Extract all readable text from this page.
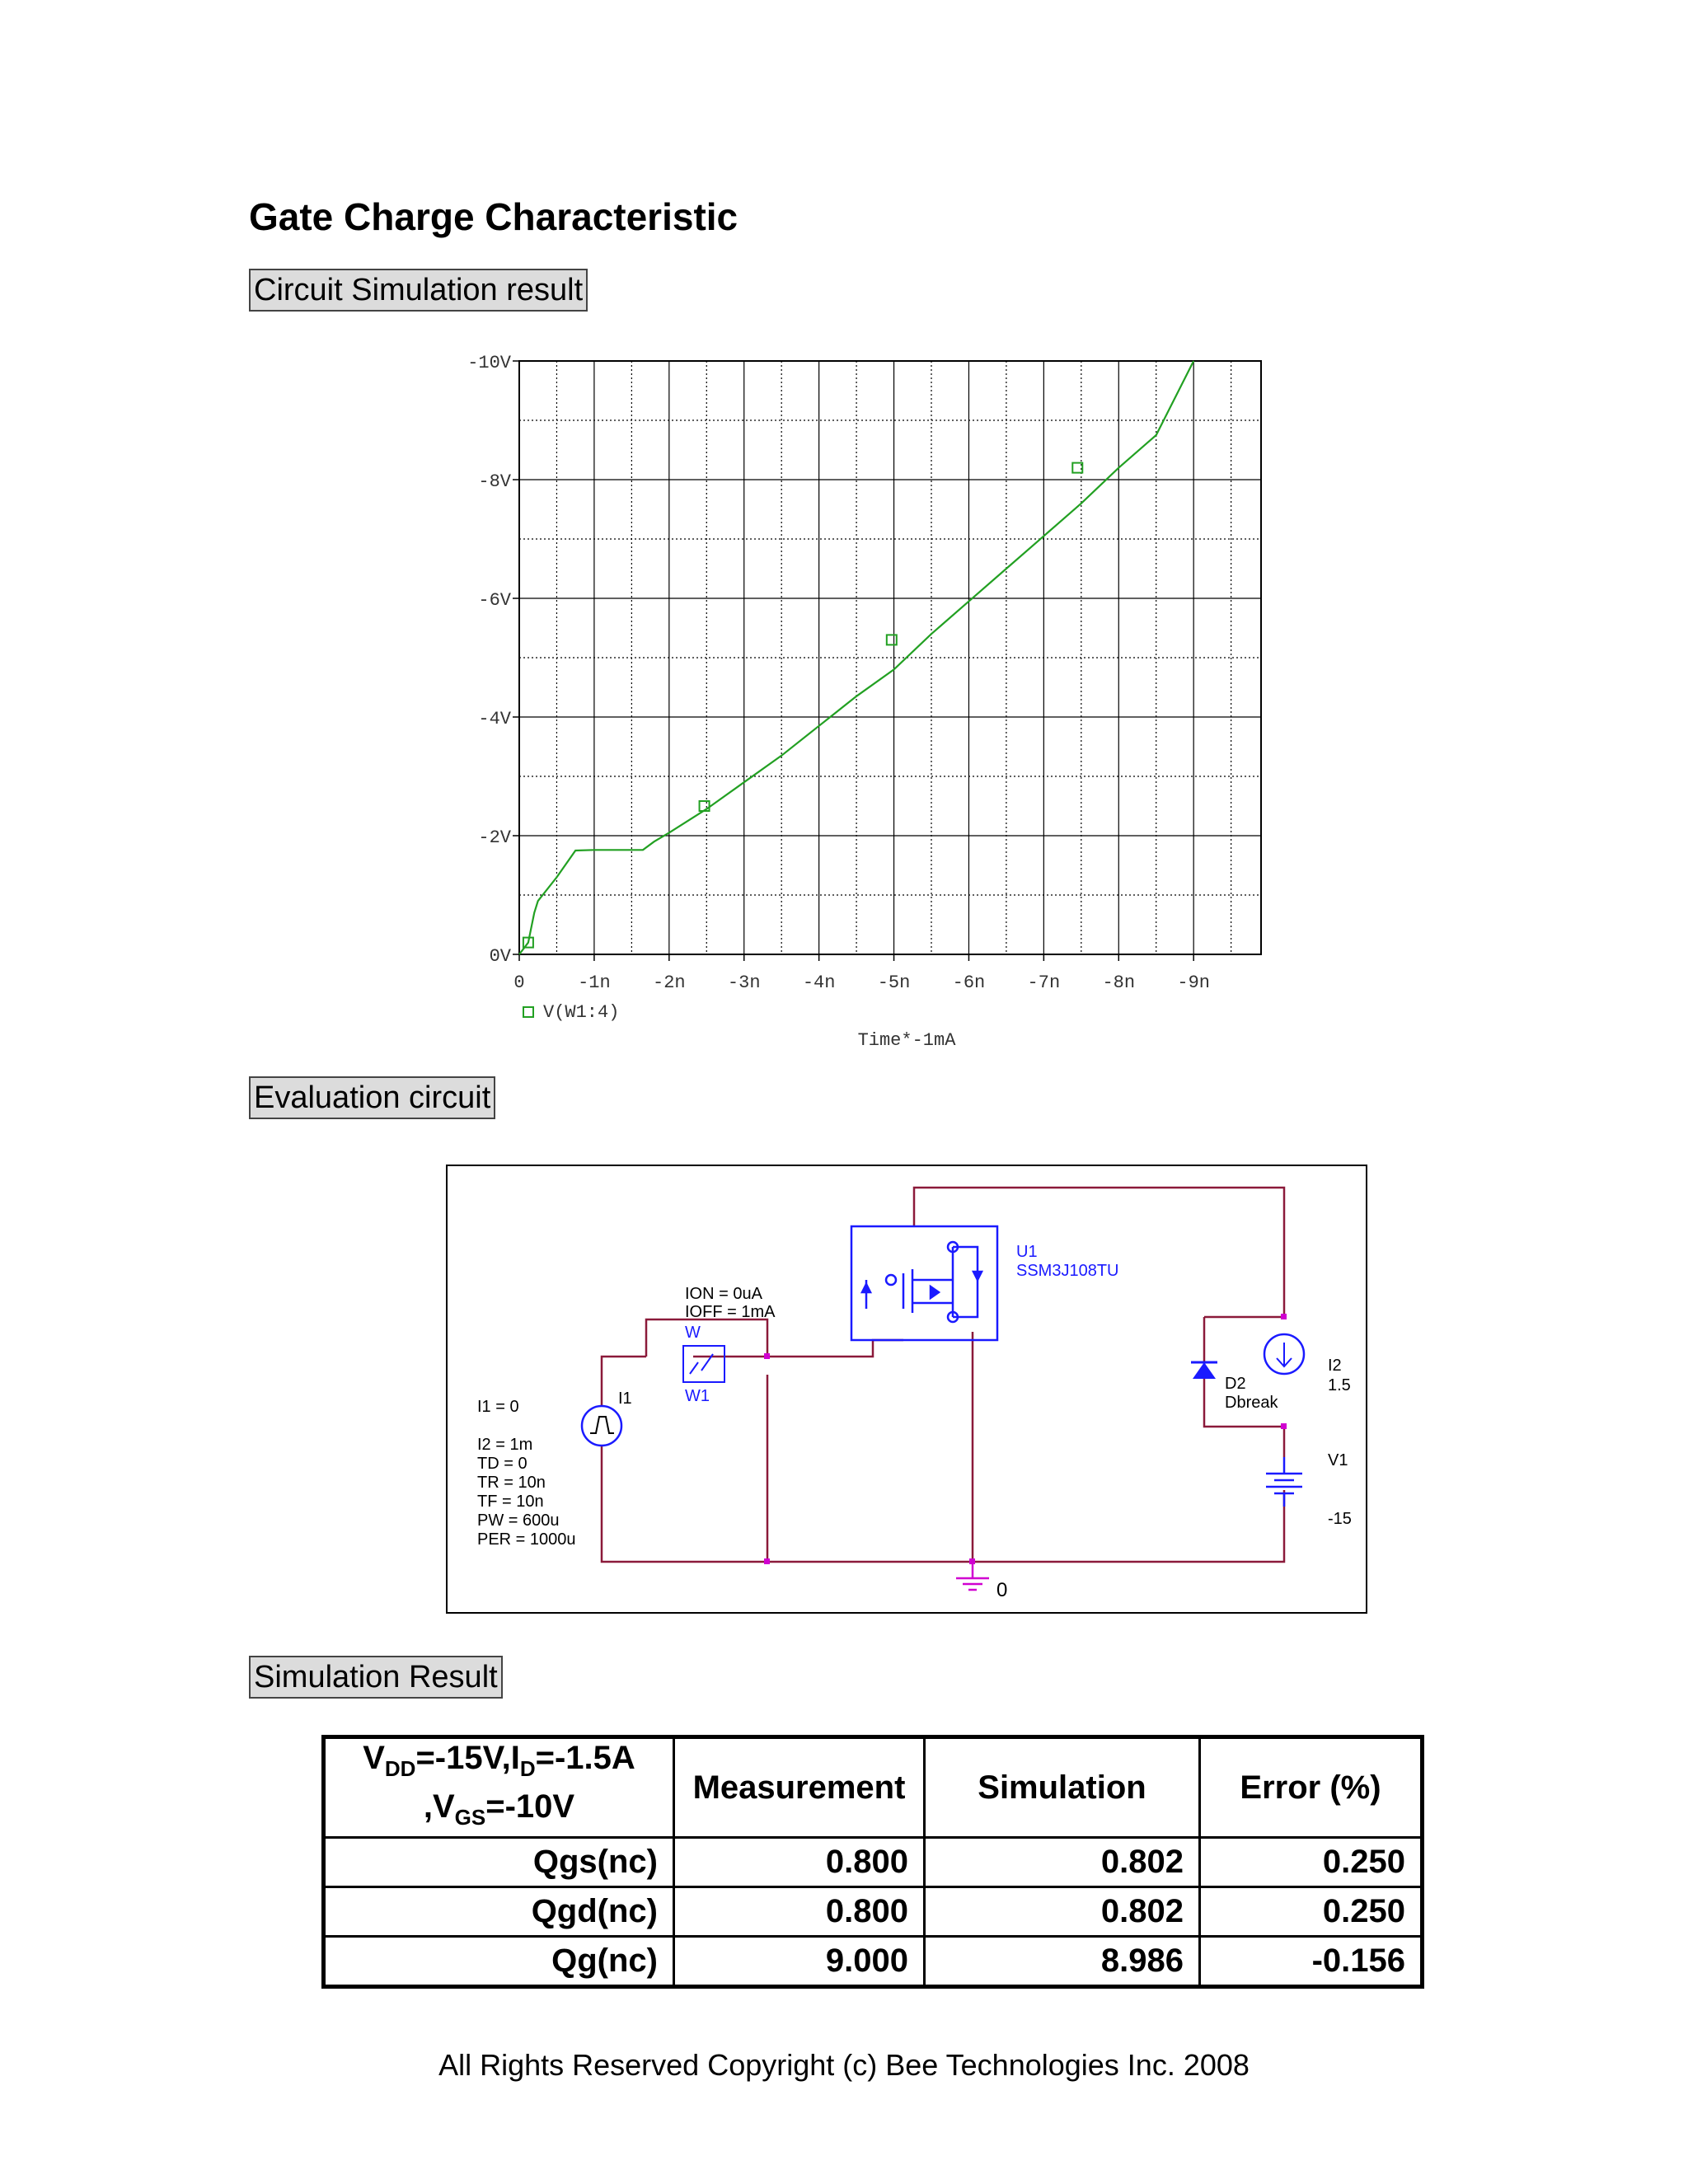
Gate Charge Characteristic
Circuit Simulation result
0V
-2V
-4V
-6V
-8V
-10V
0	-1n -2n -3n -4n -5n -6n -7n -8n -9n
V(W1:4)
Time*-1mA
Evaluation circuit
ION = 0uA
IOFF = 1mA
W
W1
I1
I1 = 0
I2 = 1m
TD = 0
TR = 10n
TF = 10n
PW = 600u
PER = 1000u
U1
SSM3J108TU
D2
Dbreak
I2
1.5
V1
-15
0
Simulation Result
$V_{DD}=-15V,I_D=-1.5A$
$,V_{GS}=-10V$	Measurement	Simulation	Error (%)
Qgs(nc)	0.800	0.802	0.250
Qgd(nc)	0.800	0.802	0.250
Qg(nc)	9.000	8.986	-0.156
All Rights Reserved Copyright (c) Bee Technologies Inc. 2008
